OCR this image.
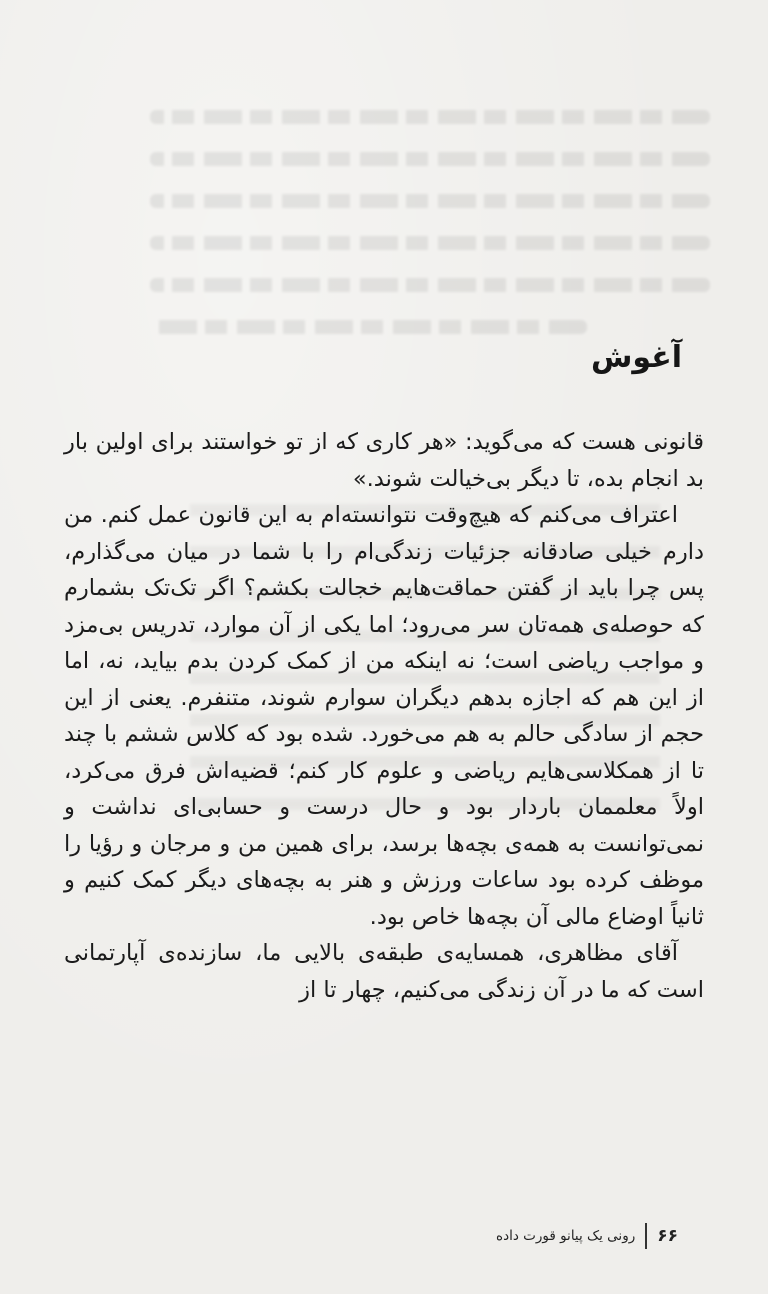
آغوش

قانونی هست که می‌گوید: «هر کاری که از تو خواستند برای اولین بار بد انجام بده، تا دیگر بی‌خیالت شوند.»

اعتراف می‌کنم که هیچ‌وقت نتوانسته‌ام به این قانون عمل کنم. من دارم خیلی صادقانه جزئیات زندگی‌ام را با شما در میان می‌گذارم، پس چرا باید از گفتن حماقت‌هایم خجالت بکشم؟ اگر تک‌تک بشمارم که حوصله‌ی همه‌تان سر می‌رود؛ اما یکی از آن موارد، تدریس بی‌مزد و مواجب ریاضی است؛ نه اینکه من از کمک کردن بدم بیاید، نه، اما از این هم که اجازه بدهم دیگران سوارم شوند، متنفرم. یعنی از این حجم از سادگی حالم به هم می‌خورد. شده بود که کلاس ششم با چند تا از همکلاسی‌هایم ریاضی و علوم کار کنم؛ قضیه‌اش فرق می‌کرد، اولاً معلممان باردار بود و حال درست و حسابی‌ای نداشت و نمی‌توانست به همه‌ی بچه‌ها برسد، برای همین من و مرجان و رؤیا را موظف کرده بود ساعات ورزش و هنر به بچه‌های دیگر کمک کنیم و ثانیاً اوضاع مالی آن بچه‌ها خاص بود.

آقای مظاهری، همسایه‌ی طبقه‌ی بالایی ما، سازنده‌ی آپارتمانی است که ما در آن زندگی می‌کنیم، چهار تا از

۶۶
رونی یک پیانو قورت داده
